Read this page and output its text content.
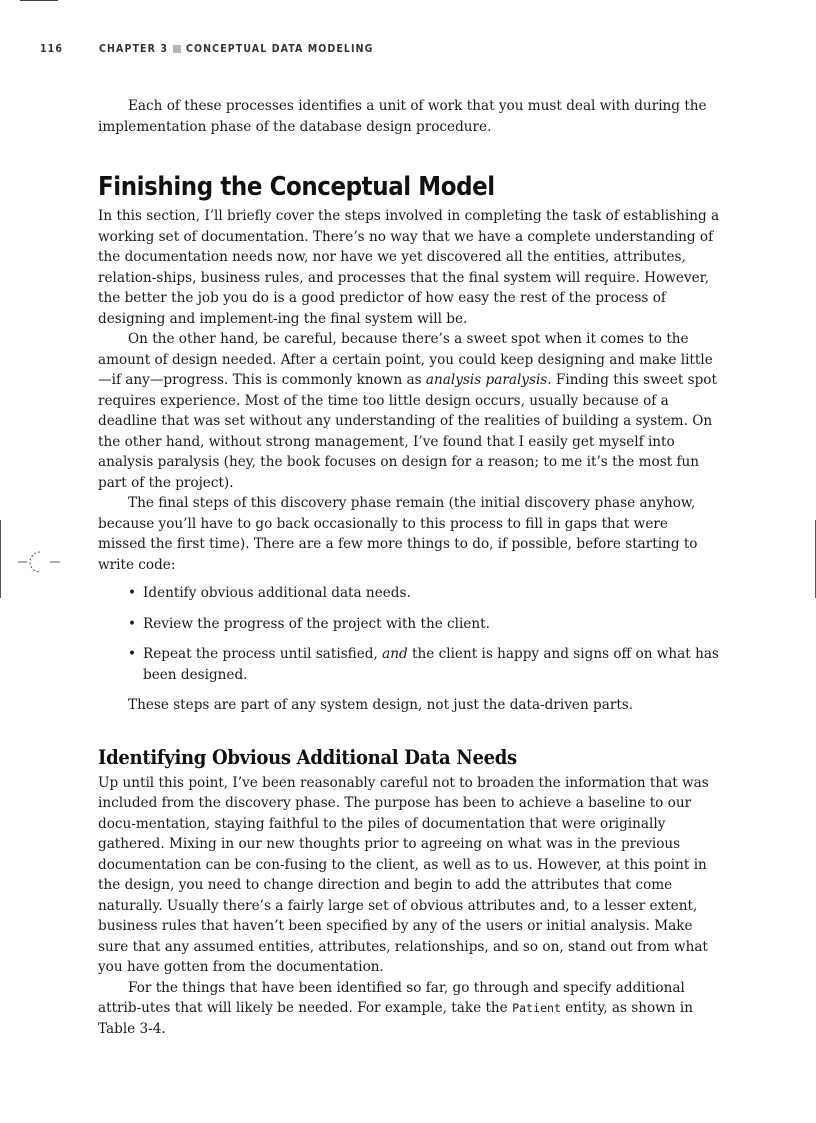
116	CHAPTER 3 CONCEPTUAL DATA MODELING

Each of these processes identifies a unit of work that you must deal with during the implementation phase of the database design procedure.

Finishing the Conceptual Model

In this section, I’ll briefly cover the steps involved in completing the task of establishing a working set of documentation. There’s no way that we have a complete understanding of the documentation needs now, nor have we yet discovered all the entities, attributes, relation-ships, business rules, and processes that the final system will require. However, the better the job you do is a good predictor of how easy the rest of the process of designing and implement-ing the final system will be.

On the other hand, be careful, because there’s a sweet spot when it comes to the amount of design needed. After a certain point, you could keep designing and make little—if any—progress. This is commonly known as analysis paralysis. Finding this sweet spot requires experience. Most of the time too little design occurs, usually because of a deadline that was set without any understanding of the realities of building a system. On the other hand, without strong management, I’ve found that I easily get myself into analysis paralysis (hey, the book focuses on design for a reason; to me it’s the most fun part of the project).

The final steps of this discovery phase remain (the initial discovery phase anyhow, because you’ll have to go back occasionally to this process to fill in gaps that were missed the first time). There are a few more things to do, if possible, before starting to write code:

• Identify obvious additional data needs.
• Review the progress of the project with the client.
• Repeat the process until satisfied, and the client is happy and signs off on what has been designed.

These steps are part of any system design, not just the data-driven parts.

Identifying Obvious Additional Data Needs

Up until this point, I’ve been reasonably careful not to broaden the information that was included from the discovery phase. The purpose has been to achieve a baseline to our docu-mentation, staying faithful to the piles of documentation that were originally gathered. Mixing in our new thoughts prior to agreeing on what was in the previous documentation can be con-fusing to the client, as well as to us. However, at this point in the design, you need to change direction and begin to add the attributes that come naturally. Usually there’s a fairly large set of obvious attributes and, to a lesser extent, business rules that haven’t been specified by any of the users or initial analysis. Make sure that any assumed entities, attributes, relationships, and so on, stand out from what you have gotten from the documentation.

For the things that have been identified so far, go through and specify additional attrib-utes that will likely be needed. For example, take the Patient entity, as shown in Table 3-4.
